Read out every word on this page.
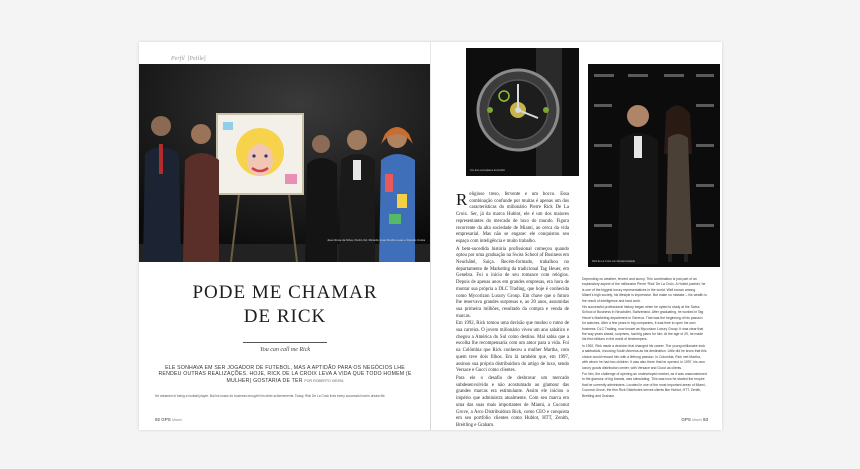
Perfil [Pefile]
Joao Rosa da Silva, Pedro Gil, Ricardo Joao Rocha Leao e Renato Costa
PODE ME CHAMAR
DE RICK
You can call me Rick
ELE SONHAVA EM SER JOGADOR DE FUTEBOL, MAS A APTIDÃO PARA OS NEGÓCIOS LHE RENDEU OUTRAS REALIZAÇÕES. HOJE, RICK DE LA CROIX LEVA A VIDA QUE TODO HOMEM (E MULHER) GOSTARIA DE TER POR ROBERTO VIEIRA
He dreamed of being a football player. But his knack for business brought him other achievements. Today, Rick De La Croix lives every successful man's dream life
92 GPS Miami
Um dos exemplares da Hublot
Rick de La Croix com Roseli Andrade

Religioso treso, fervente e um bocco. Essa combinação confunde por muitas é apenas um dos características do milionário Pierre Rick De La Croix. Ser, já da marca Hublot, ele é um dos maiores representantes do mercado de luxo do mundo. Figura recorrente da alta sociedade de Miami, ao cerca da vida empresarial. Mas não se engane: ele conquistou seu espaço com inteligência e muito trabalho.

A bem-sucedida história profissional começou quando optou por uma graduação na Swiss School of Business em Neuchâtel, Suíça. Recém-formado, trabalhou no departamento de Marketing da tradicional Tag Heuer, em Genebra. Foi o início de seu romance com relógios. Depois de apenas anos em grandes empresas, era hora de montar sua própria a DLC Trading, que hoje é conhecida como Mycorizon Luxury Group. Em chave que o futuro lhe reservava grandes surpresas e, ao 20 anos, assumidas sua primeira milhões, resultado da compra e venda de marcas.

Em 1992, Rick tomou uma decisão que mudou o rumo de sua carreira. O jovem milionário viveu um ano sabático e chegou a América do Sul como destino. Mal sabia que a escolha lhe recompensaria com um amor para a vida. Foi na Colômbia que Rick conheceu a mulher Martha, com quem teve dois filhos. Em lá também que, em 1997, assinou sua própria distribuidora do artigo de luxo, sendo Versace e Gucci como clientes.

Para ele o desafio de desbravar um mercado subdesenvolvido e não acostumado ao glamour das grandes marcas era estimulante. Assim ele iniciou o império que administra atualmente. Com seu marca em uma das suas mais importantes de Miami, a Coconut Grove, a Arco Distribuidora Rick, como CEO e conquista em seu portfolio clientes como Hublot, HTT, Zenith, Breitling e Graham.

Depending on weather, fervent and sunny. This combination is just part of an explanatory aspect of the millionaire Pierre 'Rick' De La Croix. A Hublot partner, he is one of the biggest luxury representatives in the world. Well known among Miami's high society, his lifestyle is impressive. But make no mistake – his wealth is the result of intelligence and hard work.

His successful professional history began when he opted to study at the Swiss School of Business in Neuchâtel, Switzerland. After graduating, he worked in Tag Heuer's Marketing department in Geneva. That was the beginning of his passion for watches. After a few years in big companies, it was time to open his own business: DLC Trading, now known as Mycorizon Luxury Group. It was clear that the way years ahead, surprises, had big plans for him. At the age of 29, he made his first millions in the world of timekeepers.

In 1992, Rick made a decision that changed his career. The young millionaire took a sabbatical, choosing South America as his destination. Little did he know that this choice would reward him with a lifelong passion. In Colombia, Rick met Martha, with whom he had two children. It was also there that he opened, in 1997, his own luxury goods distribution center, with Versace and Gucci as clients.

For him, the challenge of opening an undeveloped market, as it was unaccustomed to the glamour of big brands, was stimulating. This was how he started the empire that he currently administers. Located in one of the most important areas of Miami, Coconut Grove, the firm Rick Distributes serves clients like Hublot, HTT, Zenith, Breitling and Graham.

GPS Miami 93
